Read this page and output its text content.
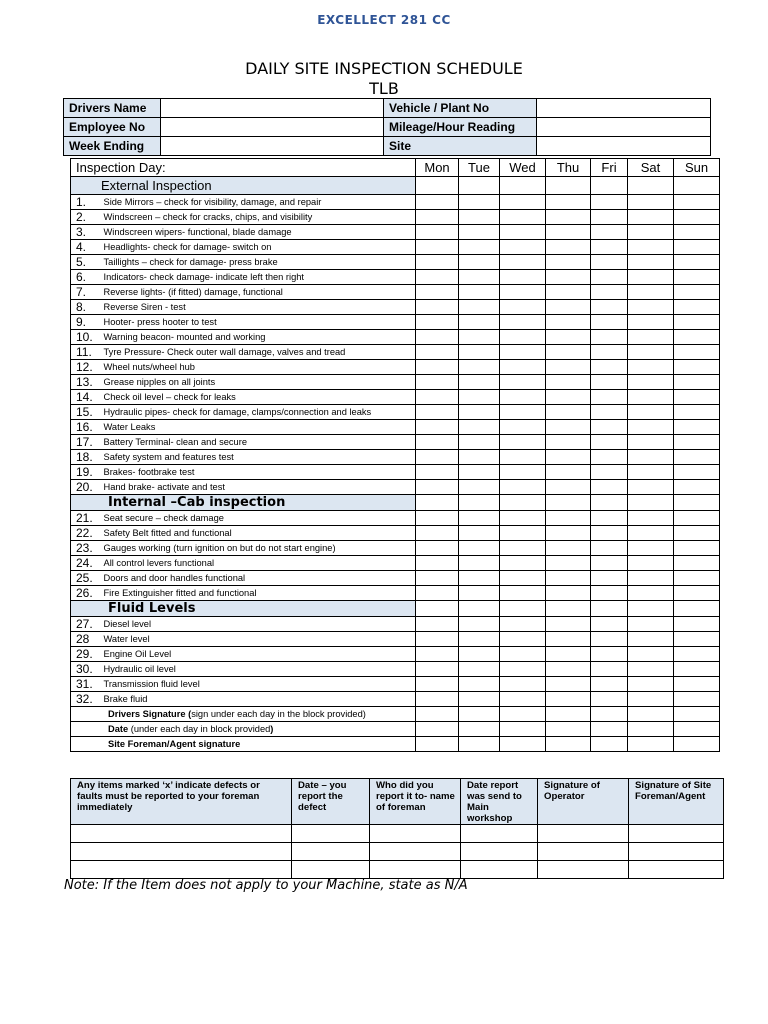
EXCELLECT 281 CC
DAILY SITE INSPECTION SCHEDULE
TLB
Drivers Name		Vehicle / Plant No	
Employee No		Mileage/Hour Reading	
Week Ending		Site	
Inspection Day:		Mon	Tue	Wed	Thu	Fri	Sat	Sun
External Inspection								
1.	Side Mirrors – check for visibility, damage, and repair							
2.	Windscreen – check for cracks, chips, and visibility							
3.	Windscreen wipers- functional, blade damage							
4.	Headlights- check for damage- switch on							
5.	Taillights – check for damage- press brake							
6.	Indicators- check damage- indicate left then right							
7.	Reverse lights- (if fitted) damage, functional							
8.	Reverse Siren - test							
9.	Hooter- press hooter to test							
10.	Warning beacon- mounted and working							
11.	Tyre Pressure- Check outer wall damage, valves and tread							
12.	Wheel nuts/wheel hub							
13.	Grease nipples on all joints							
14.	Check oil level – check for leaks							
15.	Hydraulic pipes- check for damage, clamps/connection and leaks							
16.	Water Leaks							
17.	Battery Terminal- clean and secure							
18.	Safety system and features test							
19.	Brakes- footbrake test							
20.	Hand brake- activate and test							
Internal –Cab inspection								
21.	Seat secure – check damage							
22.	Safety Belt fitted and functional							
23.	Gauges working (turn ignition on but do not start engine)							
24.	All control levers functional							
25.	Doors and door handles functional							
26.	Fire Extinguisher fitted and functional							
Fluid Levels								
27.	Diesel level							
28	Water level							
29.	Engine Oil Level							
30.	Hydraulic oil level							
31.	Transmission fluid level							
32.	Brake fluid							
Drivers Signature (sign under each day in the block provided)								
Date (under each day in block provided)								
Site Foreman/Agent signature								
Any items marked ‘x’ indicate defects or faults must be reported to your foreman immediately	Date – you report the defect	Who did you report it to- name of foreman	Date report was send to Main workshop	Signature of Operator	Signature of Site Foreman/Agent

Note: If the Item does not apply to your Machine, state as N/A
